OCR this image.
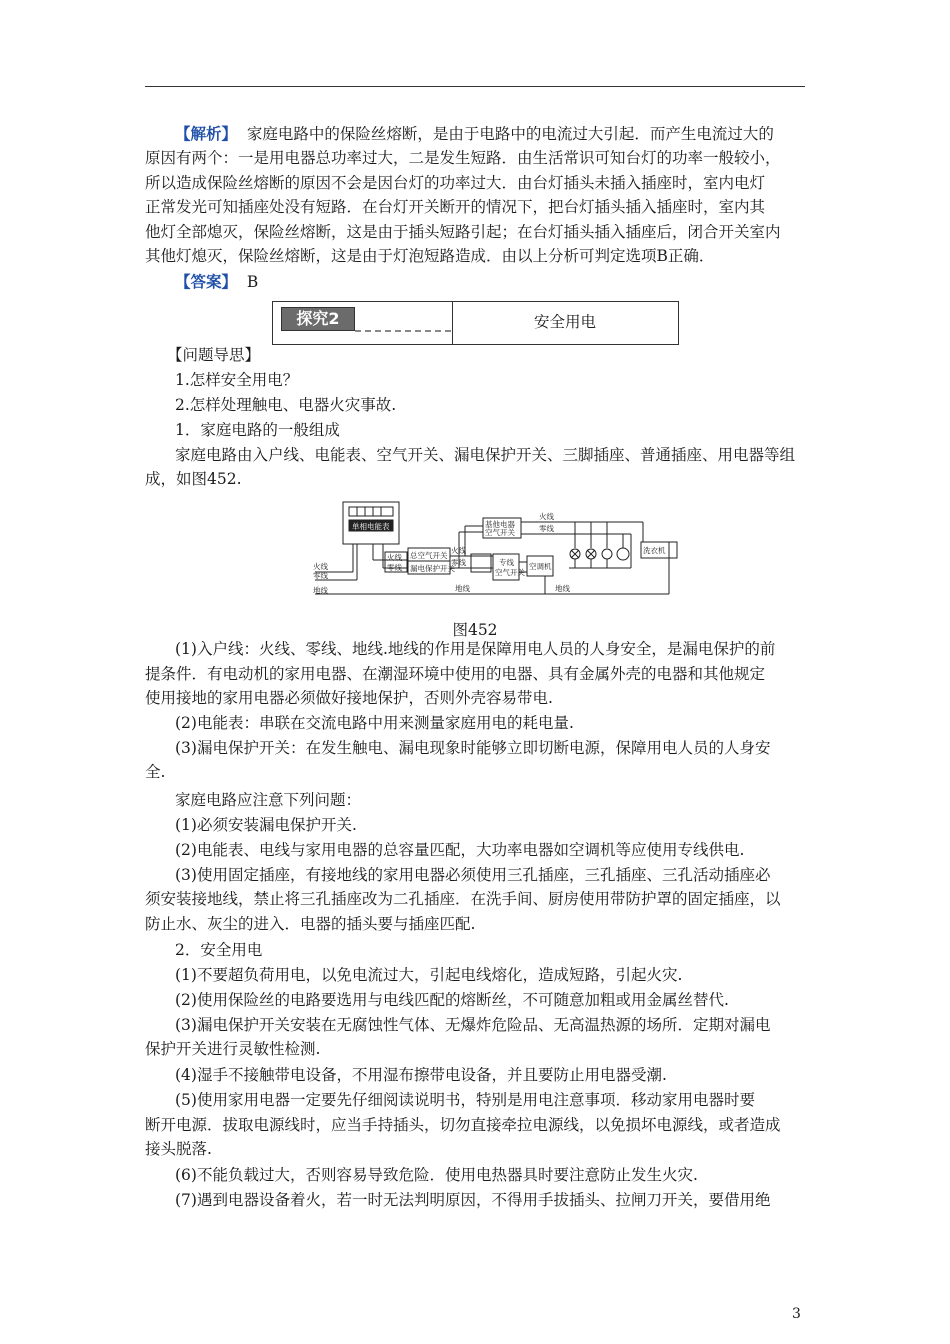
【解析】 家庭电路中的保险丝熔断，是由于电路中的电流过大引起．而产生电流过大的
原因有两个：一是用电器总功率过大，二是发生短路．由生活常识可知台灯的功率一般较小，
所以造成保险丝熔断的原因不会是因台灯的功率过大．由台灯插头未插入插座时，室内电灯
正常发光可知插座处没有短路．在台灯开关断开的情况下，把台灯插头插入插座时，室内其
他灯全部熄灭，保险丝熔断，这是由于插头短路引起；在台灯插头插入插座后，闭合开关室内
其他灯熄灭，保险丝熔断，这是由于灯泡短路造成．由以上分析可判定选项B正确．
【答案】 B
探究2	安全用电
【问题导思】
1.怎样安全用电？
2.怎样处理触电、电器火灾事故.
1．家庭电路的一般组成
家庭电路由入户线、电能表、空气开关、漏电保护开关、三脚插座、普通插座、用电器等组
成，如图452.
单相电能表
火线
零线
地线
火线
零线
总空气开关
漏电保护开关
火线
零线
基他电器
空气开关
专线
空气开关
空调机
火线
零线
地线	地线
洗衣机
图452
(1)入户线：火线、零线、地线.地线的作用是保障用电人员的人身安全，是漏电保护的前
提条件．有电动机的家用电器、在潮湿环境中使用的电器、具有金属外壳的电器和其他规定
使用接地的家用电器必须做好接地保护，否则外壳容易带电.
(2)电能表：串联在交流电路中用来测量家庭用电的耗电量.
(3)漏电保护开关：在发生触电、漏电现象时能够立即切断电源，保障用电人员的人身安
全.
家庭电路应注意下列问题：
(1)必须安装漏电保护开关.
(2)电能表、电线与家用电器的总容量匹配，大功率电器如空调机等应使用专线供电.
(3)使用固定插座，有接地线的家用电器必须使用三孔插座，三孔插座、三孔活动插座必
须安装接地线，禁止将三孔插座改为二孔插座．在洗手间、厨房使用带防护罩的固定插座，以
防止水、灰尘的进入．电器的插头要与插座匹配.
2．安全用电
(1)不要超负荷用电，以免电流过大，引起电线熔化，造成短路，引起火灾.
(2)使用保险丝的电路要选用与电线匹配的熔断丝，不可随意加粗或用金属丝替代.
(3)漏电保护开关安装在无腐蚀性气体、无爆炸危险品、无高温热源的场所．定期对漏电
保护开关进行灵敏性检测.
(4)湿手不接触带电设备，不用湿布擦带电设备，并且要防止用电器受潮.
(5)使用家用电器一定要先仔细阅读说明书，特别是用电注意事项．移动家用电器时要
断开电源．拔取电源线时，应当手持插头，切勿直接牵拉电源线，以免损坏电源线，或者造成
接头脱落.
(6)不能负载过大，否则容易导致危险．使用电热器具时要注意防止发生火灾.
(7)遇到电器设备着火，若一时无法判明原因，不得用手拔插头、拉闸刀开关，要借用绝
3
